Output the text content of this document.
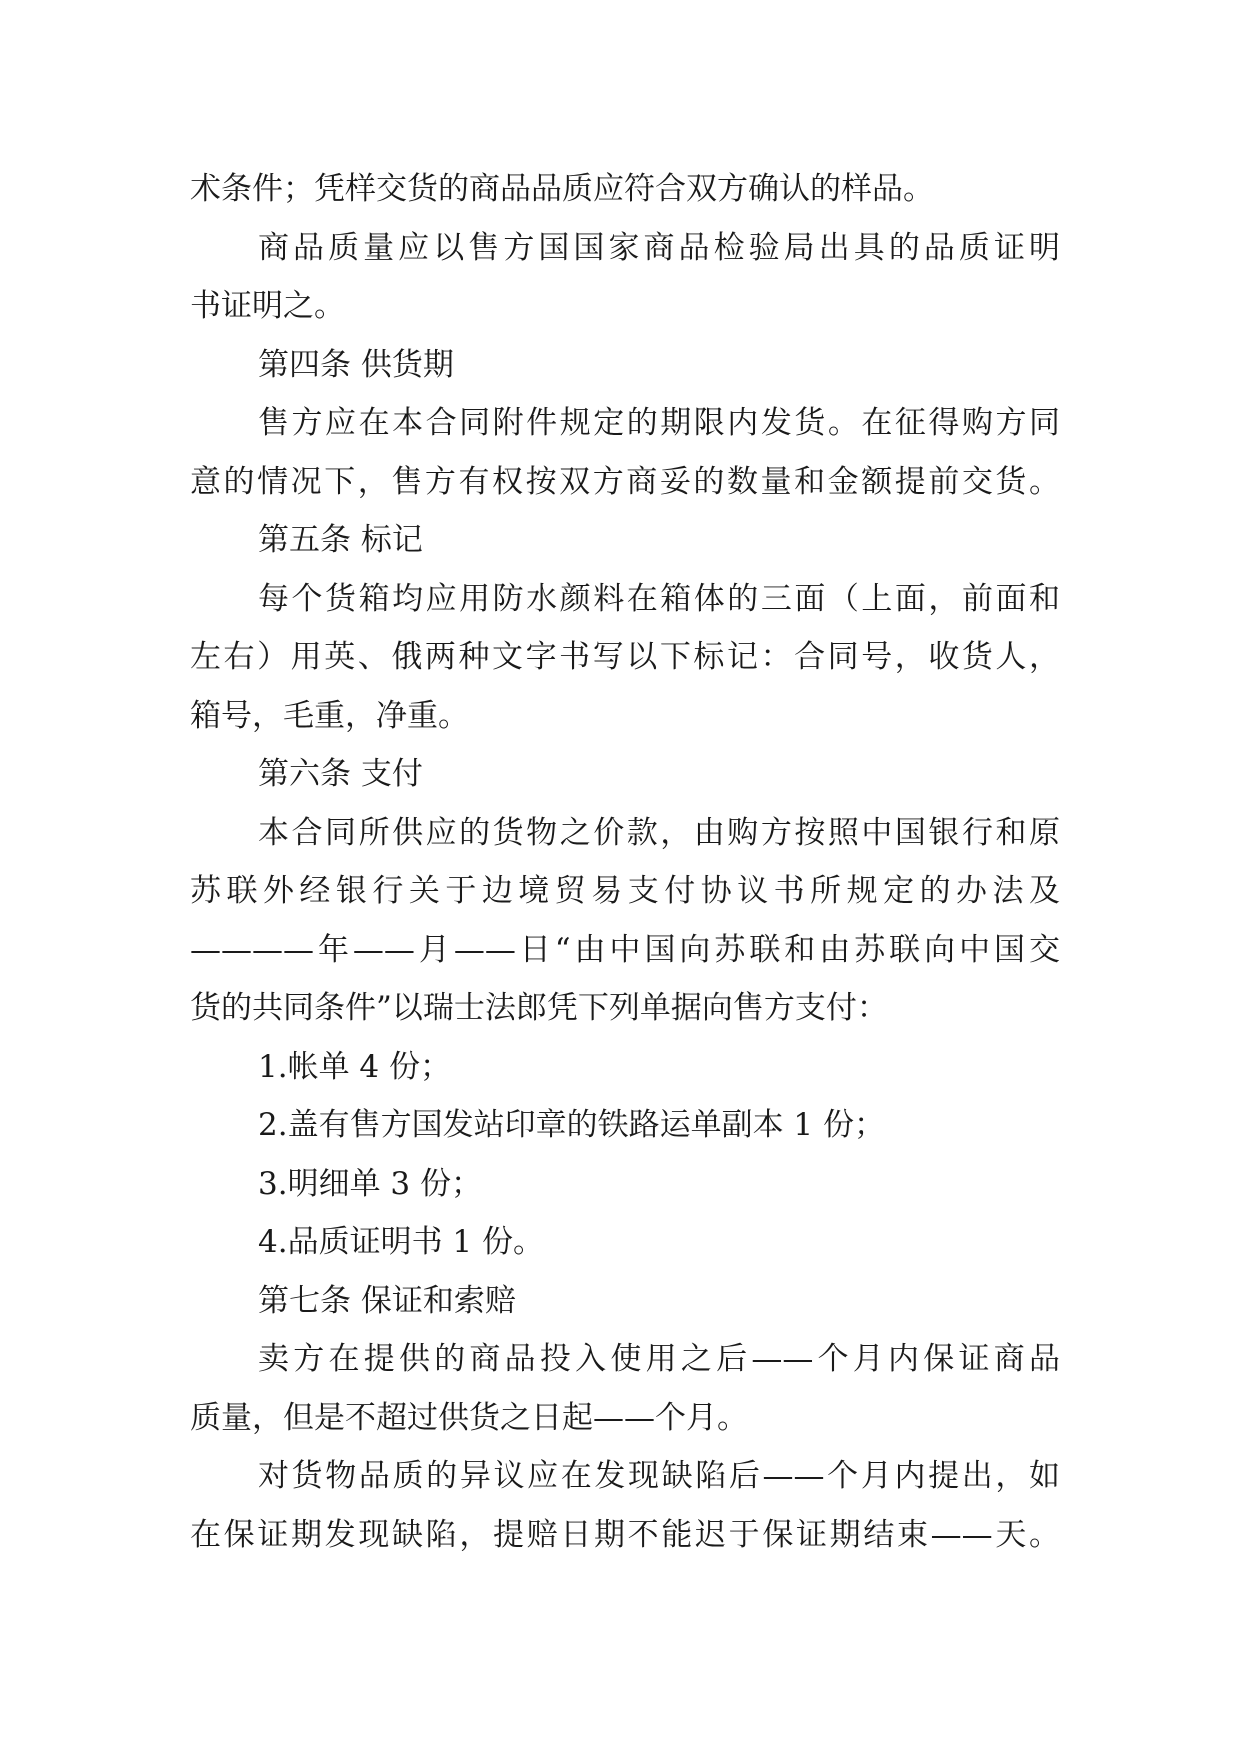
术条件；凭样交货的商品品质应符合双方确认的样品。
商品质量应以售方国国家商品检验局出具的品质证明
书证明之。
第四条 供货期
售方应在本合同附件规定的期限内发货。在征得购方同
意的情况下，售方有权按双方商妥的数量和金额提前交货。
第五条 标记
每个货箱均应用防水颜料在箱体的三面（上面，前面和
左右）用英、俄两种文字书写以下标记：合同号，收货人，
箱号，毛重，净重。
第六条 支付
本合同所供应的货物之价款，由购方按照中国银行和原
苏联外经银行关于边境贸易支付协议书所规定的办法及
————年——月——日“由中国向苏联和由苏联向中国交
货的共同条件”以瑞士法郎凭下列单据向售方支付：
1.帐单 4 份；
2.盖有售方国发站印章的铁路运单副本 1 份；
3.明细单 3 份；
4.品质证明书 1 份。
第七条 保证和索赔
卖方在提供的商品投入使用之后——个月内保证商品
质量，但是不超过供货之日起——个月。
对货物品质的异议应在发现缺陷后——个月内提出，如
在保证期发现缺陷，提赔日期不能迟于保证期结束——天。
